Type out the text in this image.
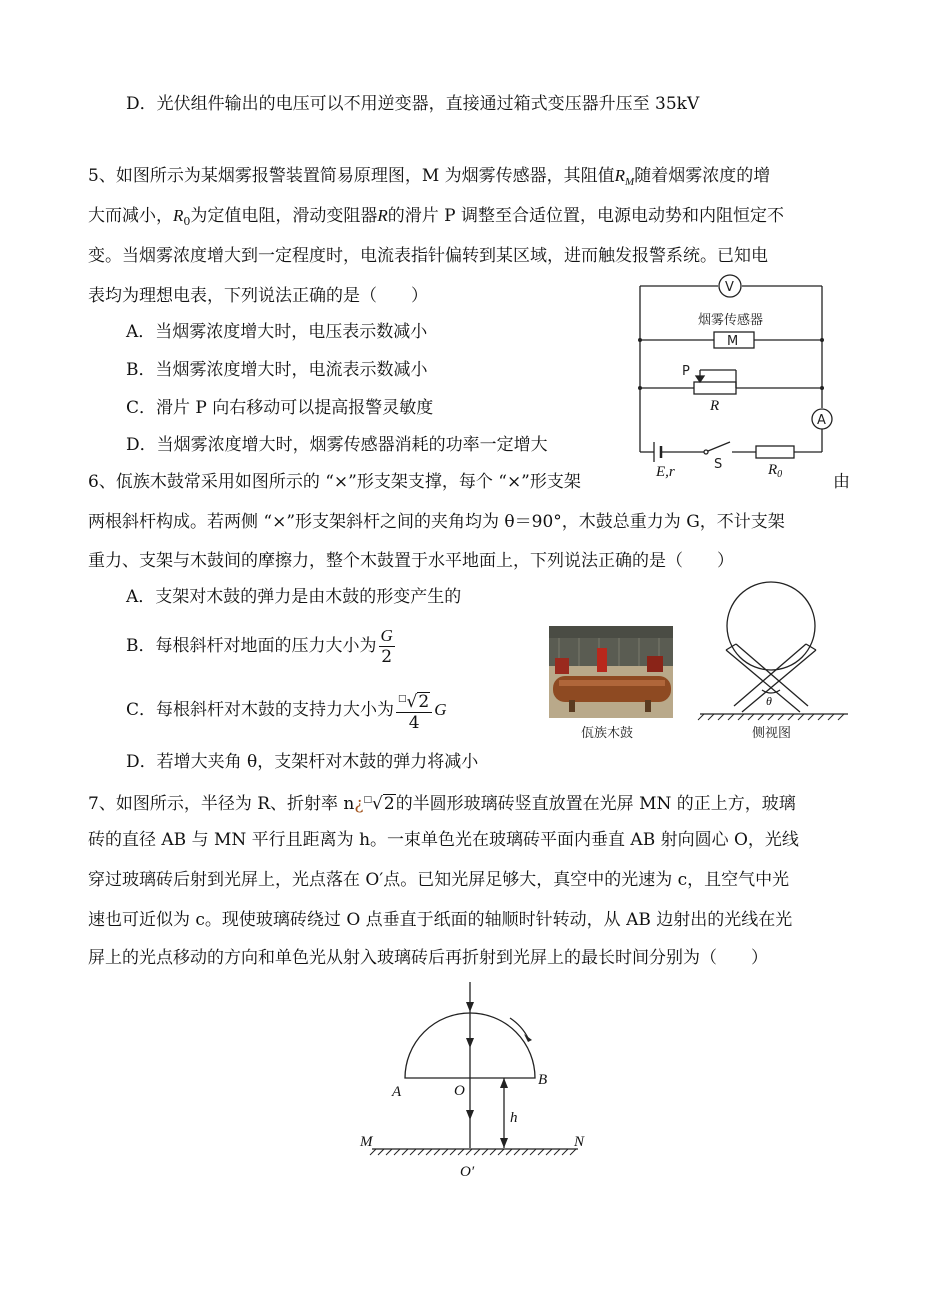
D．光伏组件输出的电压可以不用逆变器，直接通过箱式变压器升压至 35kV
5、如图所示为某烟雾报警装置简易原理图，M 为烟雾传感器，其阻值$R_M$随着烟雾浓度的增
大而减小，$R_0$为定值电阻，滑动变阻器R的滑片 P 调整至合适位置，电源电动势和内阻恒定不
变。当烟雾浓度增大到一定程度时，电流表指针偏转到某区域，进而触发报警系统。已知电
表均为理想电表，下列说法正确的是（　　）
A．当烟雾浓度增大时，电压表示数减小
B．当烟雾浓度增大时，电流表示数减小
C．滑片 P 向右移动可以提高报警灵敏度
D．当烟雾浓度增大时，烟雾传感器消耗的功率一定增大
V
烟雾传感器
M
P
R
A
E,r	S	$R_0$
6、佤族木鼓常采用如图所示的 “×”形支架支撑，每个 “×”形支架	由
两根斜杆构成。若两侧 “×”形支架斜杆之间的夹角均为 θ＝90°，木鼓总重力为 G，不计支架
重力、支架与木鼓间的摩擦力，整个木鼓置于水平地面上，下列说法正确的是（　　）
A．支架对木鼓的弹力是由木鼓的形变产生的
B．每根斜杆对地面的压力大小为 $\frac{G}{2}$
C．每根斜杆对木鼓的支持力大小为 $\frac{^□√2}{4}$ G
D．若增大夹角 θ，支架杆对木鼓的弹力将减小
佤族木鼓
θ
侧视图
7、如图所示，半径为 R、折射率 n¿□√2的半圆形玻璃砖竖直放置在光屏 MN 的正上方，玻璃
砖的直径 AB 与 MN 平行且距离为 h。一束单色光在玻璃砖平面内垂直 AB 射向圆心 O，光线
穿过玻璃砖后射到光屏上，光点落在 O′点。已知光屏足够大，真空中的光速为 c，且空气中光
速也可近似为 c。现使玻璃砖绕过 O 点垂直于纸面的轴顺时针转动，从 AB 边射出的光线在光
屏上的光点移动的方向和单色光从射入玻璃砖后再折射到光屏上的最长时间分别为（　　）
A	O
B
h
M	N
O′
